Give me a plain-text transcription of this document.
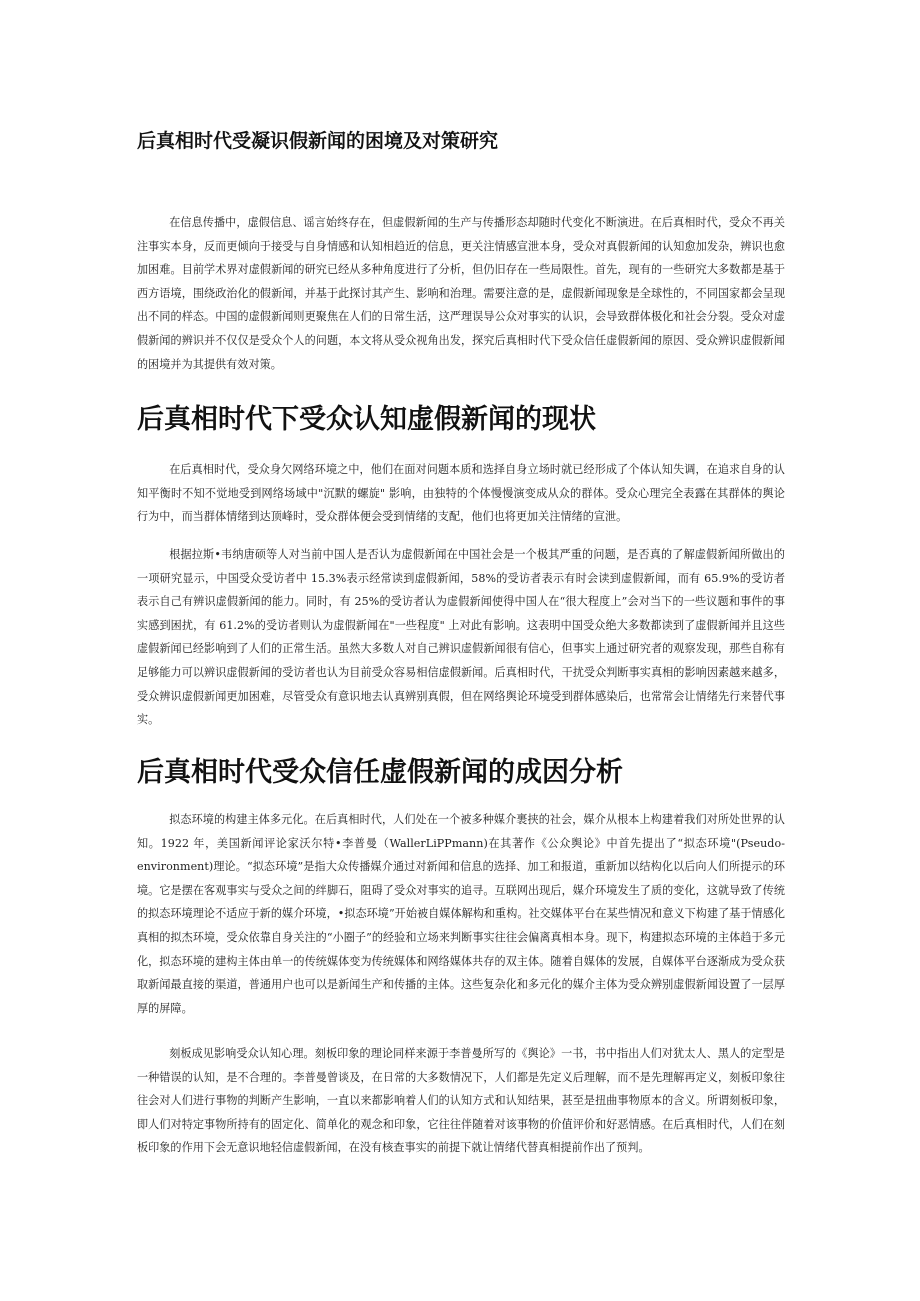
后真相时代受凝识假新闻的困境及对策研究

在信息传播中，虚假信息、谣言始终存在，但虚假新闻的生产与传播形态却随时代变化不断演进。在后真相时代，受众不再关注事实本身，反而更倾向于接受与自身情感和认知相趋近的信息，更关注情感宣泄本身，受众对真假新闻的认知愈加发杂，辨识也愈加困难。目前学术界对虚假新闻的研究已经从多种角度进行了分析，但仍旧存在一些局限性。首先，现有的一些研究大多数都是基于西方语境，围绕政治化的假新闻，并基于此探讨其产生、影响和治理。需要注意的是，虚假新闻现象是全球性的，不同国家都会呈现出不同的样态。中国的虚假新闻则更聚焦在人们的日常生活，这严理误导公众对事实的认识，会导致群体极化和社会分裂。受众对虚假新闻的辨识并不仅仅是受众个人的问题，本文将从受众视角出发，探究后真相时代下受众信任虚假新闻的原因、受众辨识虚假新闻的困境并为其提供有效对策。

后真相时代下受众认知虚假新闻的现状

在后真相时代，受众身欠网络环境之中，他们在面对问题本质和选择自身立场时就已经形成了个体认知失调，在追求自身的认知平衡时不知不觉地受到网络场域中"沉默的螺旋" 影响，由独特的个体慢慢演变成从众的群体。受众心理完全表露在其群体的舆论行为中，而当群体情绪到达顶峰时，受众群体便会受到情绪的支配，他们也将更加关注情绪的宣泄。

根据拉斯•韦纳唐硕等人对当前中国人是否认为虚假新闻在中国社会是一个极其严重的问题，是否真的了解虚假新闻所做出的一项研究显示，中国受众受访者中 15.3%表示经常读到虚假新闻，58%的受访者表示有时会读到虚假新闻，而有 65.9%的受访者表示自己有辨识虚假新闻的能力。同时，有 25%的受访者认为虚假新闻使得中国人在“很大程度上”会对当下的一些议题和事件的事实感到困扰，有 61.2%的受访者则认为虚假新闻在"一些程度" 上对此有影响。这表明中国受众绝大多数都读到了虚假新闻并且这些虚假新闻已经影响到了人们的正常生活。虽然大多数人对自己辨识虚假新闻很有信心，但事实上通过研究者的观察发现，那些自称有足够能力可以辨识虚假新闻的受访者也认为目前受众容易相信虚假新闻。后真相时代，干扰受众判断事实真相的影响因素越来越多，受众辨识虚假新闻更加困难，尽管受众有意识地去认真辨别真假，但在网络舆论环境受到群体感染后，也常常会让情绪先行来替代事实。

后真相时代受众信任虚假新闻的成因分析

拟态环境的构建主体多元化。在后真相时代，人们处在一个被多种媒介裹挟的社会，媒介从根本上构建着我们对所处世界的认知。1922 年，美国新闻评论家沃尔特•李普曼（WallerLiPPmann)在其著作《公众舆论》中首先提出了“拟态环境"(Pseudo-environment)理论。“拟态环境”是指大众传播媒介通过对新闻和信息的选择、加工和报道，重新加以结构化以后向人们所提示的环境。它是摆在客观事实与受众之间的绊脚石，阻碍了受众对事实的追寻。互联网出现后，媒介环境发生了质的变化，这就导致了传统的拟态环境理论不适应于新的媒介环境，•拟态环境”开始被自媒体解构和重构。社交媒体平台在某些情况和意义下构建了基于情感化真相的拟杰环境，受众依靠自身关注的“小圈子”的经验和立场来判断事实往往会偏离真相本身。现下，构建拟态环境的主体趋于多元化，拟态环境的建构主体由单一的传统媒体变为传统媒体和网络媒体共存的双主体。随着自媒体的发展，自媒体平台逐渐成为受众获取新闻最直接的渠道，普通用户也可以是新闻生产和传播的主体。这些复杂化和多元化的媒介主体为受众辨别虚假新闻设置了一层厚厚的屏障。

刻板成见影响受众认知心理。刻板印象的理论同样来源于李普曼所写的《舆论》一书，书中指出人们对犹太人、黑人的定型是一种错误的认知，是不合理的。李普曼曾谈及，在日常的大多数情况下，人们都是先定义后理解，而不是先理解再定义，刻板印象往往会对人们进行事物的判断产生影响，一直以来都影响着人们的认知方式和认知结果，甚至是扭曲事物原本的含义。所谓刻板印象，即人们对特定事物所持有的固定化、简单化的观念和印象，它往往伴随着对该事物的价值评价和好恶情感。在后真相时代，人们在刻板印象的作用下会无意识地轻信虚假新闻，在没有核查事实的前提下就让情绪代替真相提前作出了预判。
